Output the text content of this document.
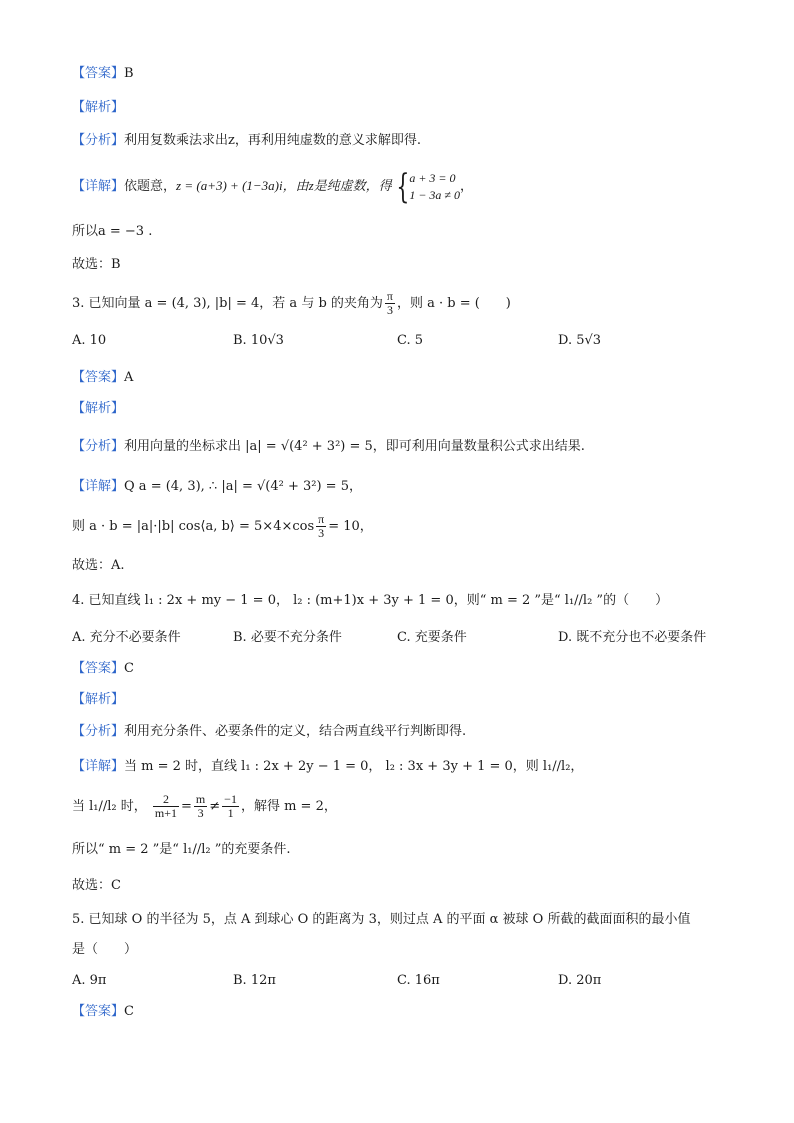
【答案】B
【解析】
【分析】利用复数乘法求出z，再利用纯虚数的意义求解即得.
【详解】依题意，z = (a+3) + (1−3a)i，由z是纯虚数，得 { a + 3 = 0
1 − 3a ≠ 0
，
所以a = −3 .
故选：B
3. 已知向量 a = (4, 3), |b| = 4，若 a 与 b 的夹角为 $\frac{\pi}{3}$ ，则 a · b = (　　)
A. 10	B. 10√3	C. 5	D. 5√3
【答案】A
【解析】
【分析】利用向量的坐标求出 |a| = √(4² + 3²) = 5，即可利用向量数量积公式求出结果.
【详解】Q a = (4, 3), ∴ |a| = √(4² + 3²) = 5，
则 a · b = |a|·|b| cos⟨a, b⟩ = $5\times 4\times\cos \frac{\pi}{3} = 10$，
故选：A.
4. 已知直线 l₁ : 2x + my − 1 = 0， l₂ : (m+1)x + 3y + 1 = 0，则“ m = 2 ”是“ l₁//l₂ ”的（　　）
A. 充分不必要条件	B. 必要不充分条件	C. 充要条件	D. 既不充分也不必要条件
【答案】C
【解析】
【分析】利用充分条件、必要条件的定义，结合两直线平行判断即得.
【详解】当 m = 2 时，直线 l₁ : 2x + 2y − 1 = 0， l₂ : 3x + 3y + 1 = 0，则 l₁//l₂，
当 l₁//l₂ 时， $\frac{2}{m+1} = \frac{m}{3} \ne \frac{-1}{1}$ ，解得 m = 2，
所以“ m = 2 ”是“ l₁//l₂ ”的充要条件.
故选：C
5. 已知球 O 的半径为 5，点 A 到球心 O 的距离为 3，则过点 A 的平面 α 被球 O 所截的截面面积的最小值
是（　　）
A. 9π	B. 12π	C. 16π	D. 20π
【答案】C
